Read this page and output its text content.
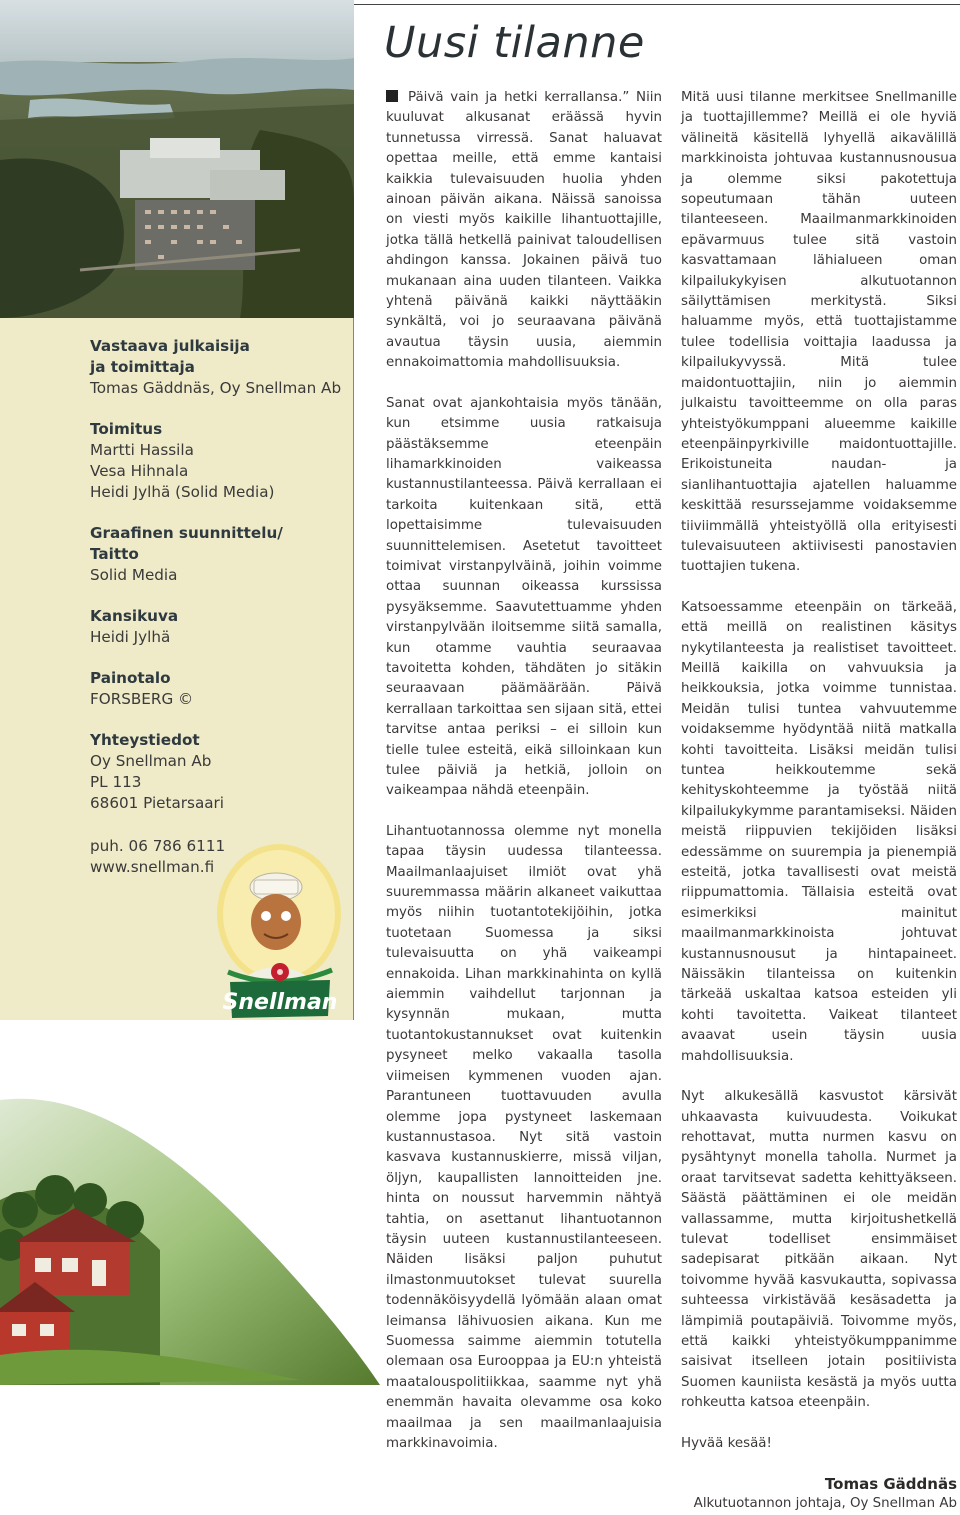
Vastaava julkaisija
ja toimittaja
Tomas Gäddnäs, Oy Snellman Ab
Toimitus
Martti Hassila
Vesa Hihnala
Heidi Jylhä (Solid Media)
Graafinen suunnittelu/
Taitto
Solid Media
Kansikuva
Heidi Jylhä
Painotalo
FORSBERG ©
Yhteystiedot
Oy Snellman Ab
PL 113
68601 Pietarsaari
puh. 06 786 6111
www.snellman.fi
Snellman
Uusi tilanne

Päivä vain ja hetki kerrallansa.” Niin kuuluvat alkusanat eräässä hyvin tunnetussa virressä. Sanat haluavat opettaa meille, että emme kantaisi kaikkia tulevaisuuden huolia yhden ainoan päivän aikana. Näissä sanoissa on viesti myös kaikille lihantuottajille, jotka tällä hetkellä painivat taloudellisen ahdingon kanssa. Jokainen päivä tuo mukanaan aina uuden tilanteen. Vaikka yhtenä päivänä kaikki näyttääkin synkältä, voi jo seuraavana päivänä avautua täysin uusia, aiemmin ennakoimattomia mahdollisuuksia.

Sanat ovat ajankohtaisia myös tänään, kun etsimme uusia ratkaisuja päästäksemme eteenpäin lihamarkkinoiden vaikeassa kustannustilanteessa. Päivä kerrallaan ei tarkoita kuitenkaan sitä, että lopettaisimme tulevaisuuden suunnittelemisen. Asetetut tavoitteet toimivat virstanpylväinä, joihin voimme ottaa suunnan oikeassa kurssissa pysyäksemme. Saavutettuamme yhden virstanpylvään iloitsemme siitä samalla, kun otamme vauhtia seuraavaa tavoitetta kohden, tähdäten jo sitäkin seuraavaan päämäärään. Päivä kerrallaan tarkoittaa sen sijaan sitä, ettei tarvitse antaa periksi – ei silloin kun tielle tulee esteitä, eikä silloinkaan kun tulee päiviä ja hetkiä, jolloin on vaikeampaa nähdä eteenpäin.

Lihantuotannossa olemme nyt monella tapaa täysin uudessa tilanteessa. Maailmanlaajuiset ilmiöt ovat yhä suuremmassa määrin alkaneet vaikuttaa myös niihin tuotantotekijöihin, jotka tuotetaan Suomessa ja siksi tulevaisuutta on yhä vaikeampi ennakoida. Lihan markkinahinta on kyllä aiemmin vaihdellut tarjonnan ja kysynnän mukaan, mutta tuotantokustannukset ovat kuitenkin pysyneet melko vakaalla tasolla viimeisen kymmenen vuoden ajan. Parantuneen tuottavuuden avulla olemme jopa pystyneet laskemaan kustannustasoa. Nyt sitä vastoin kasvava kustannuskierre, missä viljan, öljyn, kaupallisten lannoitteiden jne. hinta on noussut harvemmin nähtyä tahtia, on asettanut lihantuotannon täysin uuteen kustannustilanteeseen. Näiden lisäksi paljon puhutut ilmastonmuutokset tulevat suurella todennäköisyydellä lyömään alaan omat leimansa lähivuosien aikana. Kun me Suomessa saimme aiemmin totutella olemaan osa Eurooppaa ja EU:n yhteistä maatalouspolitiikkaa, saamme nyt yhä enemmän havaita olevamme osa koko maailmaa ja sen maailmanlaajuisia markkinavoimia.

Mitä uusi tilanne merkitsee Snellmanille ja tuottajillemme? Meillä ei ole hyviä välineitä käsitellä lyhyellä aikavälillä markkinoista johtuvaa kustannusnousua ja olemme siksi pakotettuja sopeutumaan tähän uuteen tilanteeseen. Maailmanmarkkinoiden epävarmuus tulee sitä vastoin kasvattamaan lähialueen oman kilpailukykyisen alkutuotannon säilyttämisen merkitystä. Siksi haluamme myös, että tuottajistamme tulee todellisia voittajia laadussa ja kilpailukyvyssä. Mitä tulee maidontuottajiin, niin jo aiemmin julkaistu tavoitteemme on olla paras yhteistyökumppani alueemme kaikille eteenpäinpyrkiville maidontuottajille. Erikoistuneita naudan- ja sianlihantuottajia ajatellen haluamme keskittää resurssejamme voidaksemme tiiviimmällä yhteistyöllä olla erityisesti tulevaisuuteen aktiivisesti panostavien tuottajien tukena.

Katsoessamme eteenpäin on tärkeää, että meillä on realistinen käsitys nykytilanteesta ja realistiset tavoitteet. Meillä kaikilla on vahvuuksia ja heikkouksia, jotka voimme tunnistaa. Meidän tulisi tuntea vahvuutemme voidaksemme hyödyntää niitä matkalla kohti tavoitteita. Lisäksi meidän tulisi tuntea heikkoutemme sekä kehityskohteemme ja työstää niitä kilpailukykymme parantamiseksi. Näiden meistä riippuvien tekijöiden lisäksi edessämme on suurempia ja pienempiä esteitä, jotka tavallisesti ovat meistä riippumattomia. Tällaisia esteitä ovat esimerkiksi mainitut maailmanmarkkinoista johtuvat kustannusnousut ja hintapaineet. Näissäkin tilanteissa on kuitenkin tärkeää uskaltaa katsoa esteiden yli kohti tavoitetta. Vaikeat tilanteet avaavat usein täysin uusia mahdollisuuksia.

Nyt alkukesällä kasvustot kärsivät uhkaavasta kuivuudesta. Voikukat rehottavat, mutta nurmen kasvu on pysähtynyt monella taholla. Nurmet ja oraat tarvitsevat sadetta kehittyäkseen. Säästä päättäminen ei ole meidän vallassamme, mutta kirjoitushetkellä tulevat todelliset ensimmäiset sadepisarat pitkään aikaan. Nyt toivomme hyvää kasvukautta, sopivassa suhteessa virkistävää kesäsadetta ja lämpimiä poutapäiviä. Toivomme myös, että kaikki yhteistyökumppanimme saisivat itselleen jotain positiivista Suomen kauniista kesästä ja myös uutta rohkeutta katsoa eteenpäin.

Hyvää kesää!

Tomas Gäddnäs
Alkutuotannon johtaja, Oy Snellman Ab
